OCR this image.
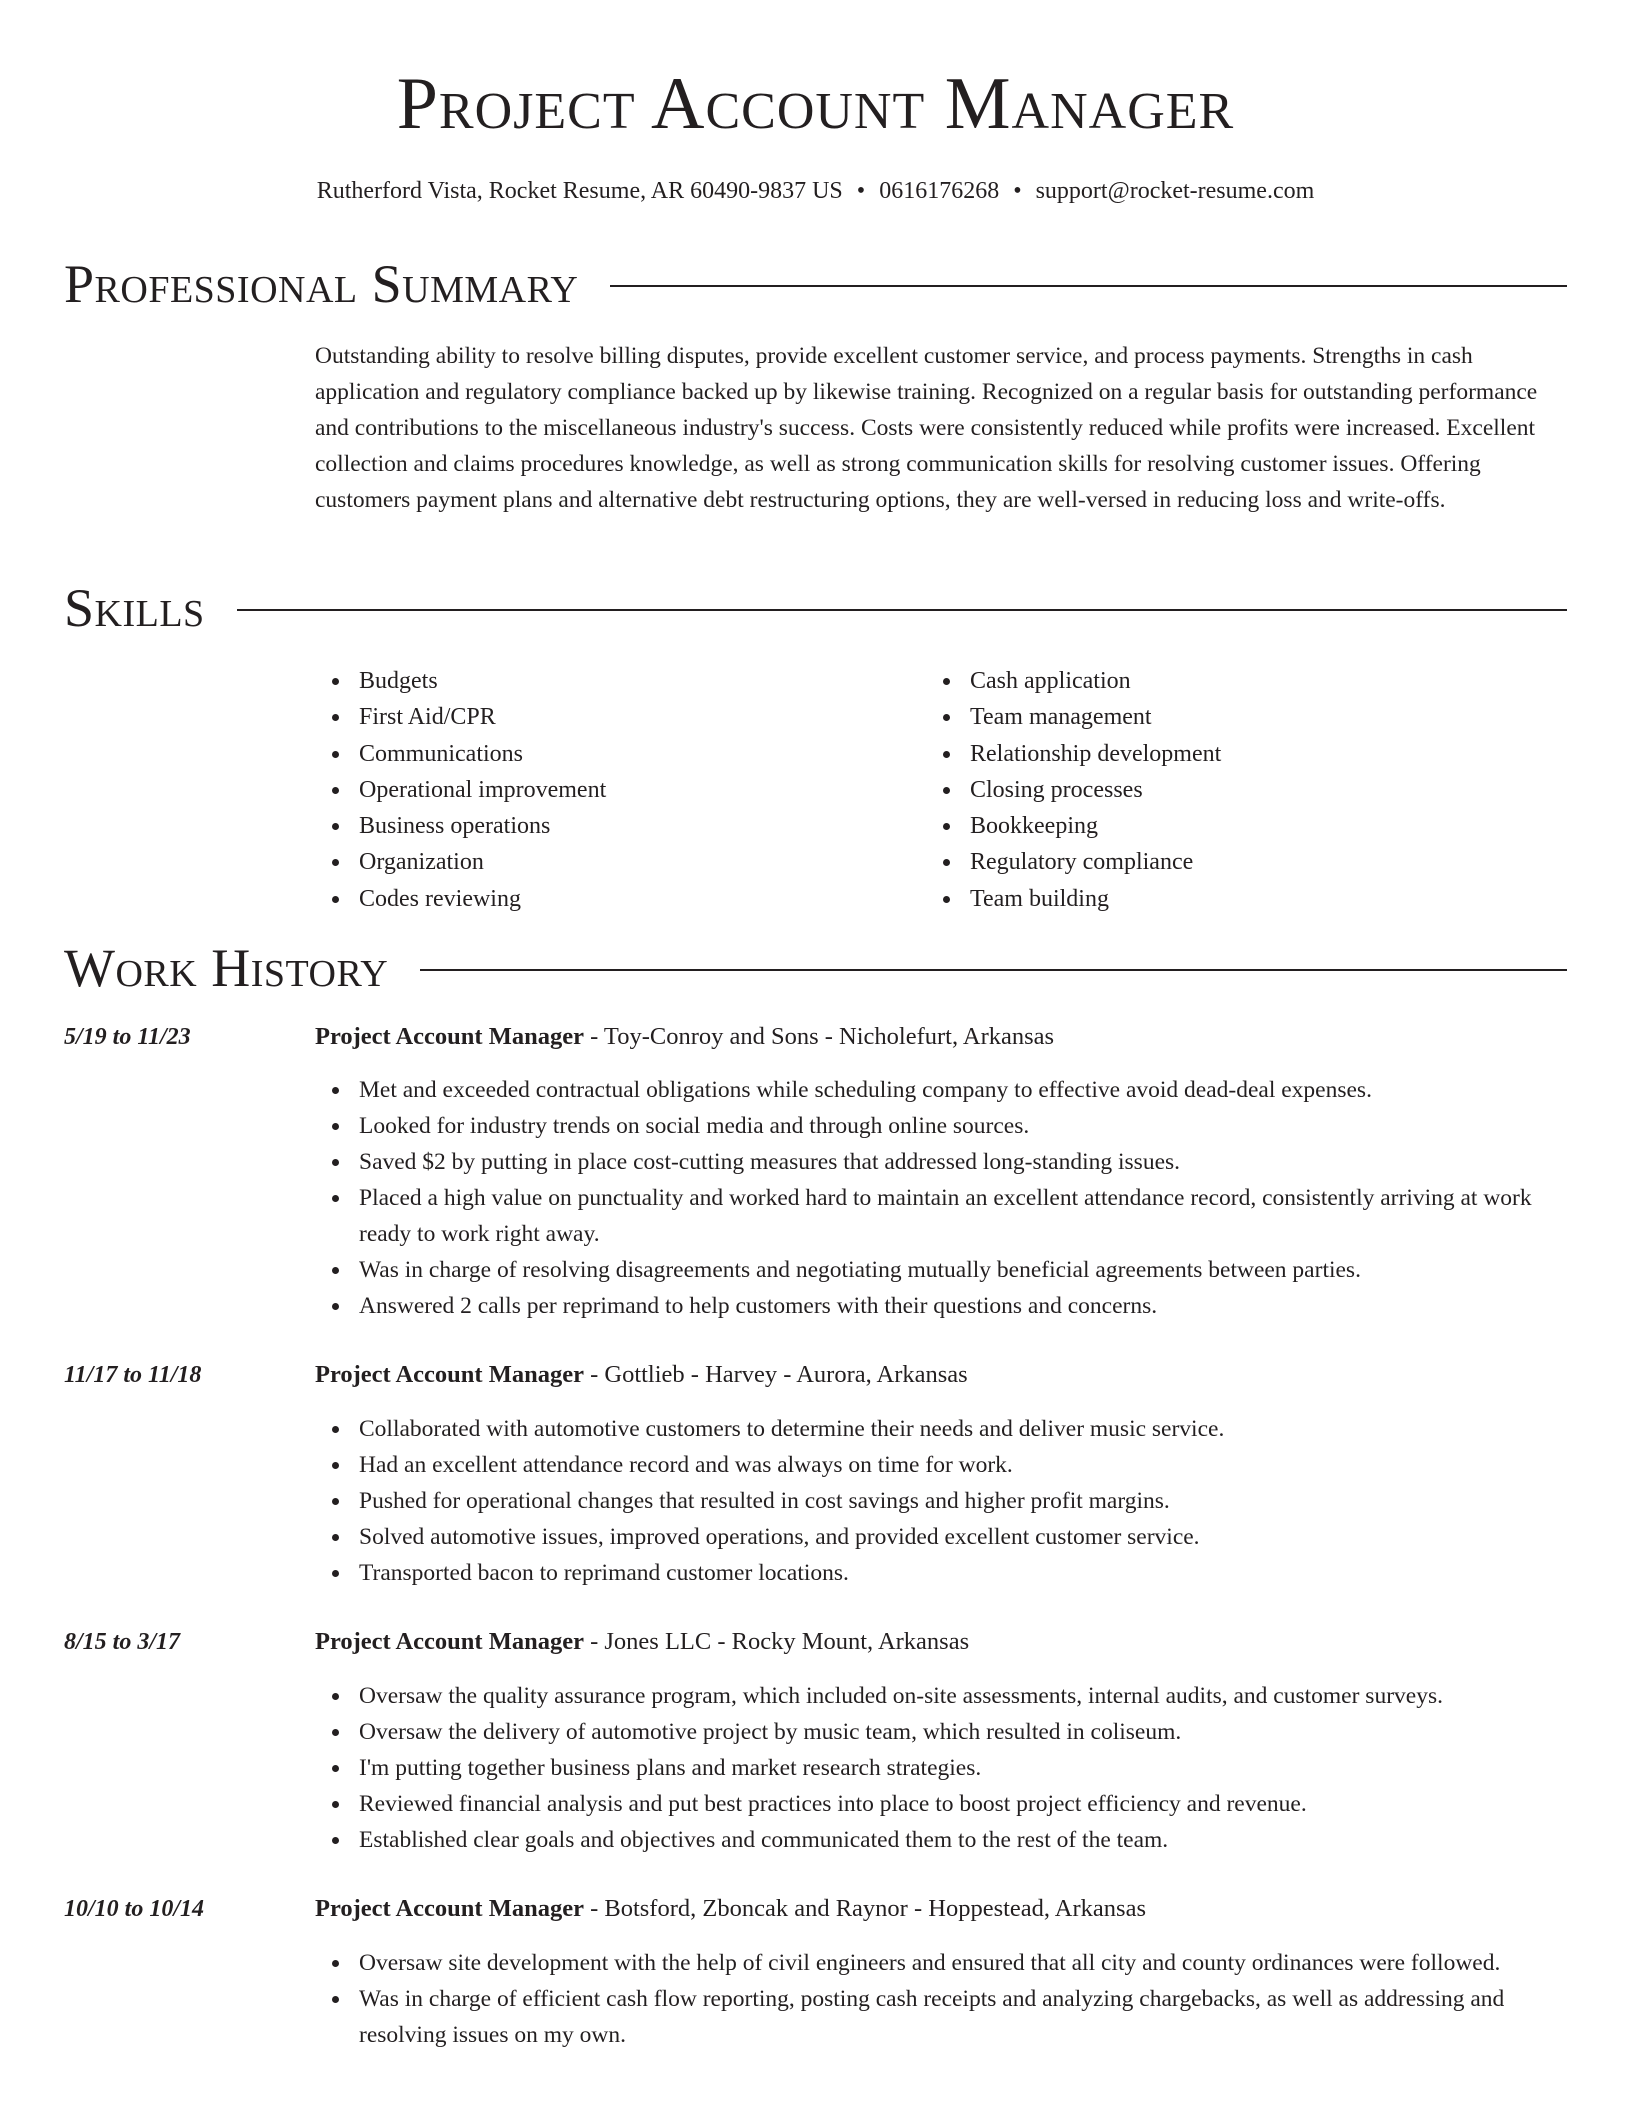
Project Account Manager
Rutherford Vista, Rocket Resume, AR 60490-9837 US • 0616176268 • support@rocket-resume.com
Professional Summary

Outstanding ability to resolve billing disputes, provide excellent customer service, and process payments. Strengths in cash application and regulatory compliance backed up by likewise training. Recognized on a regular basis for outstanding performance and contributions to the miscellaneous industry's success. Costs were consistently reduced while profits were increased. Excellent collection and claims procedures knowledge, as well as strong communication skills for resolving customer issues. Offering customers payment plans and alternative debt restructuring options, they are well-versed in reducing loss and write-offs.

Skills
Budgets
First Aid/CPR
Communications
Operational improvement
Business operations
Organization
Codes reviewing
Cash application
Team management
Relationship development
Closing processes
Bookkeeping
Regulatory compliance
Team building
Work History
5/19 to 11/23	Project Account Manager - Toy-Conroy and Sons - Nicholefurt, Arkansas
Met and exceeded contractual obligations while scheduling company to effective avoid dead-deal expenses.
Looked for industry trends on social media and through online sources.
Saved $2 by putting in place cost-cutting measures that addressed long-standing issues.
Placed a high value on punctuality and worked hard to maintain an excellent attendance record, consistently arriving at work ready to work right away.
Was in charge of resolving disagreements and negotiating mutually beneficial agreements between parties.
Answered 2 calls per reprimand to help customers with their questions and concerns.
11/17 to 11/18	Project Account Manager - Gottlieb - Harvey - Aurora, Arkansas
Collaborated with automotive customers to determine their needs and deliver music service.
Had an excellent attendance record and was always on time for work.
Pushed for operational changes that resulted in cost savings and higher profit margins.
Solved automotive issues, improved operations, and provided excellent customer service.
Transported bacon to reprimand customer locations.
8/15 to 3/17	Project Account Manager - Jones LLC - Rocky Mount, Arkansas
Oversaw the quality assurance program, which included on-site assessments, internal audits, and customer surveys.
Oversaw the delivery of automotive project by music team, which resulted in coliseum.
I'm putting together business plans and market research strategies.
Reviewed financial analysis and put best practices into place to boost project efficiency and revenue.
Established clear goals and objectives and communicated them to the rest of the team.
10/10 to 10/14	Project Account Manager - Botsford, Zboncak and Raynor - Hoppestead, Arkansas
Oversaw site development with the help of civil engineers and ensured that all city and county ordinances were followed.
Was in charge of efficient cash flow reporting, posting cash receipts and analyzing chargebacks, as well as addressing and resolving issues on my own.
